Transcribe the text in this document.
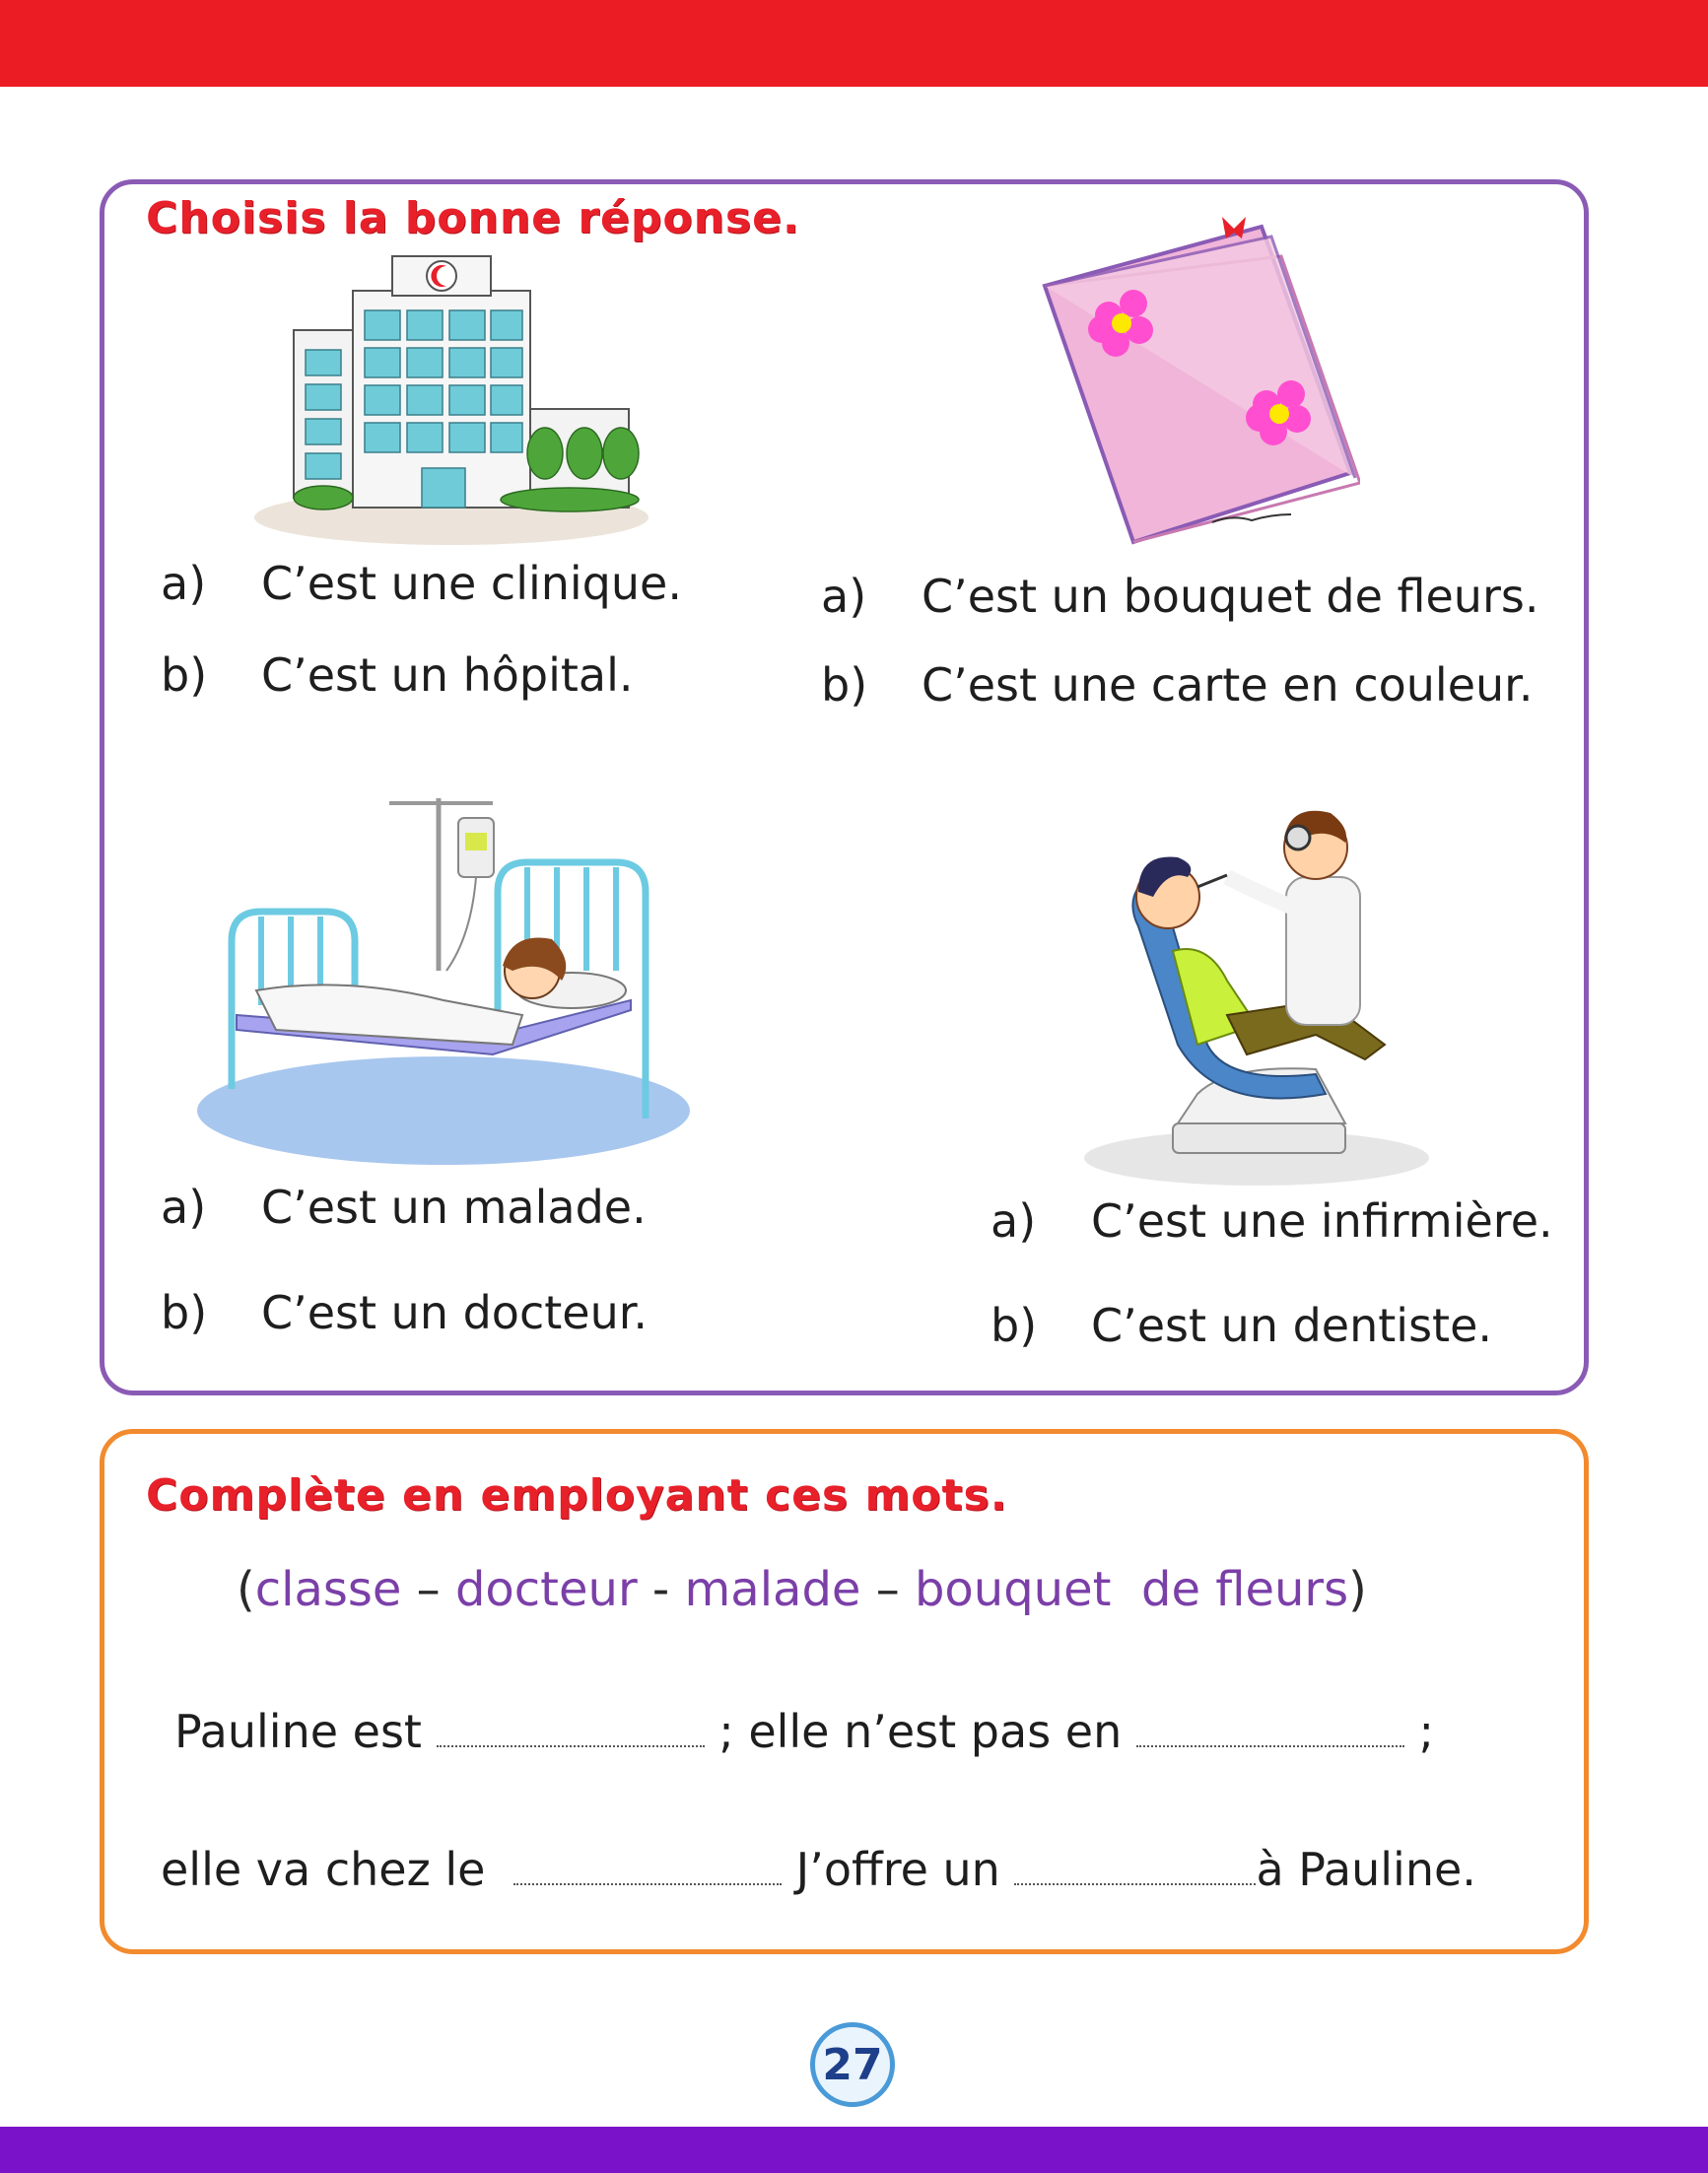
Choisis la bonne réponse.
a) C’est une clinique.
b) C’est un hôpital.
a) C’est un bouquet de fleurs.
b) C’est une carte en couleur.
a) C’est un malade.
b) C’est un docteur.
a) C’est une infirmière.
b) C’est un dentiste.
Complète en employant ces mots.
(classe – docteur - malade – bouquet  de fleurs)
Pauline est	; elle n’est pas en	;
elle va chez le	J’offre un	à Pauline.
27
